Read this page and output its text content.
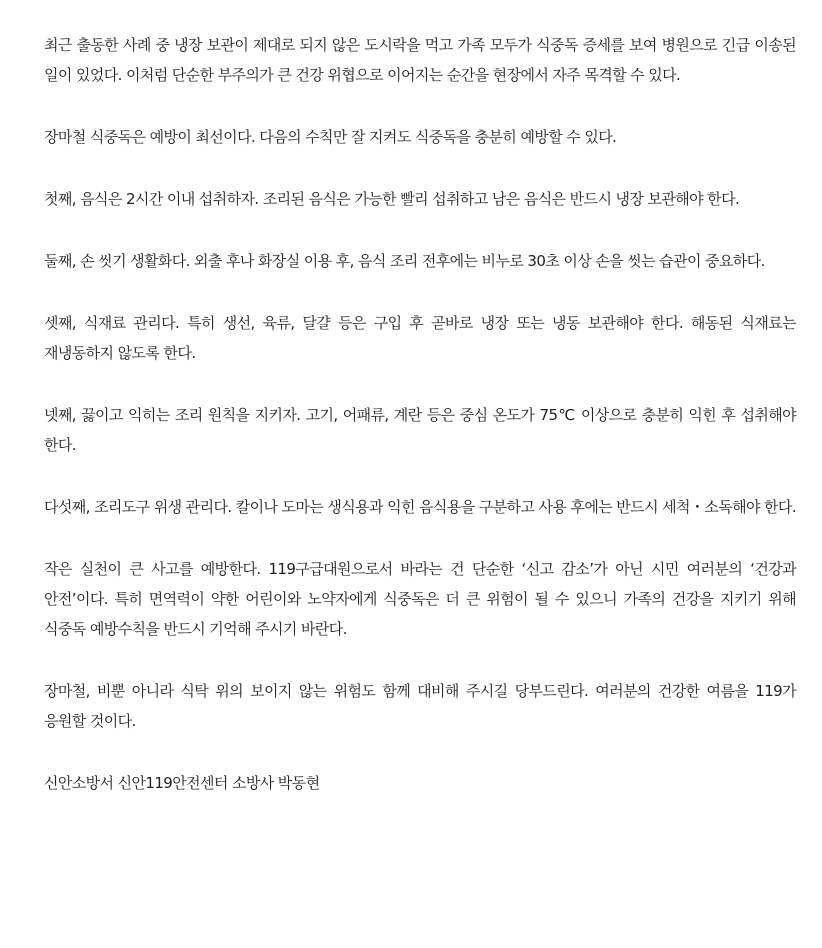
최근 출동한 사례 중 냉장 보관이 제대로 되지 않은 도시락을 먹고 가족 모두가 식중독 증세를 보여 병원으로 긴급 이송된 일이 있었다. 이처럼 단순한 부주의가 큰 건강 위협으로 이어지는 순간을 현장에서 자주 목격할 수 있다.

장마철 식중독은 예방이 최선이다. 다음의 수칙만 잘 지켜도 식중독을 충분히 예방할 수 있다.

첫째, 음식은 2시간 이내 섭취하자. 조리된 음식은 가능한 빨리 섭취하고 남은 음식은 반드시 냉장 보관해야 한다.

둘째, 손 씻기 생활화다. 외출 후나 화장실 이용 후, 음식 조리 전후에는 비누로 30초 이상 손을 씻는 습관이 중요하다.

셋째, 식재료 관리다. 특히 생선, 육류, 달걀 등은 구입 후 곧바로 냉장 또는 냉동 보관해야 한다. 해동된 식재료는 재냉동하지 않도록 한다.

넷째, 끓이고 익히는 조리 원칙을 지키자. 고기, 어패류, 계란 등은 중심 온도가 75℃ 이상으로 충분히 익힌 후 섭취해야 한다.

다섯째, 조리도구 위생 관리다. 칼이나 도마는 생식용과 익힌 음식용을 구분하고 사용 후에는 반드시 세척・소독해야 한다.

작은 실천이 큰 사고를 예방한다. 119구급대원으로서 바라는 건 단순한 ‘신고 감소’가 아닌 시민 여러분의 ‘건강과 안전’이다. 특히 면역력이 약한 어린이와 노약자에게 식중독은 더 큰 위험이 될 수 있으니 가족의 건강을 지키기 위해 식중독 예방수칙을 반드시 기억해 주시기 바란다.

장마철, 비뿐 아니라 식탁 위의 보이지 않는 위험도 함께 대비해 주시길 당부드린다. 여러분의 건강한 여름을 119가 응원할 것이다.

신안소방서 신안119안전센터 소방사 박동현
